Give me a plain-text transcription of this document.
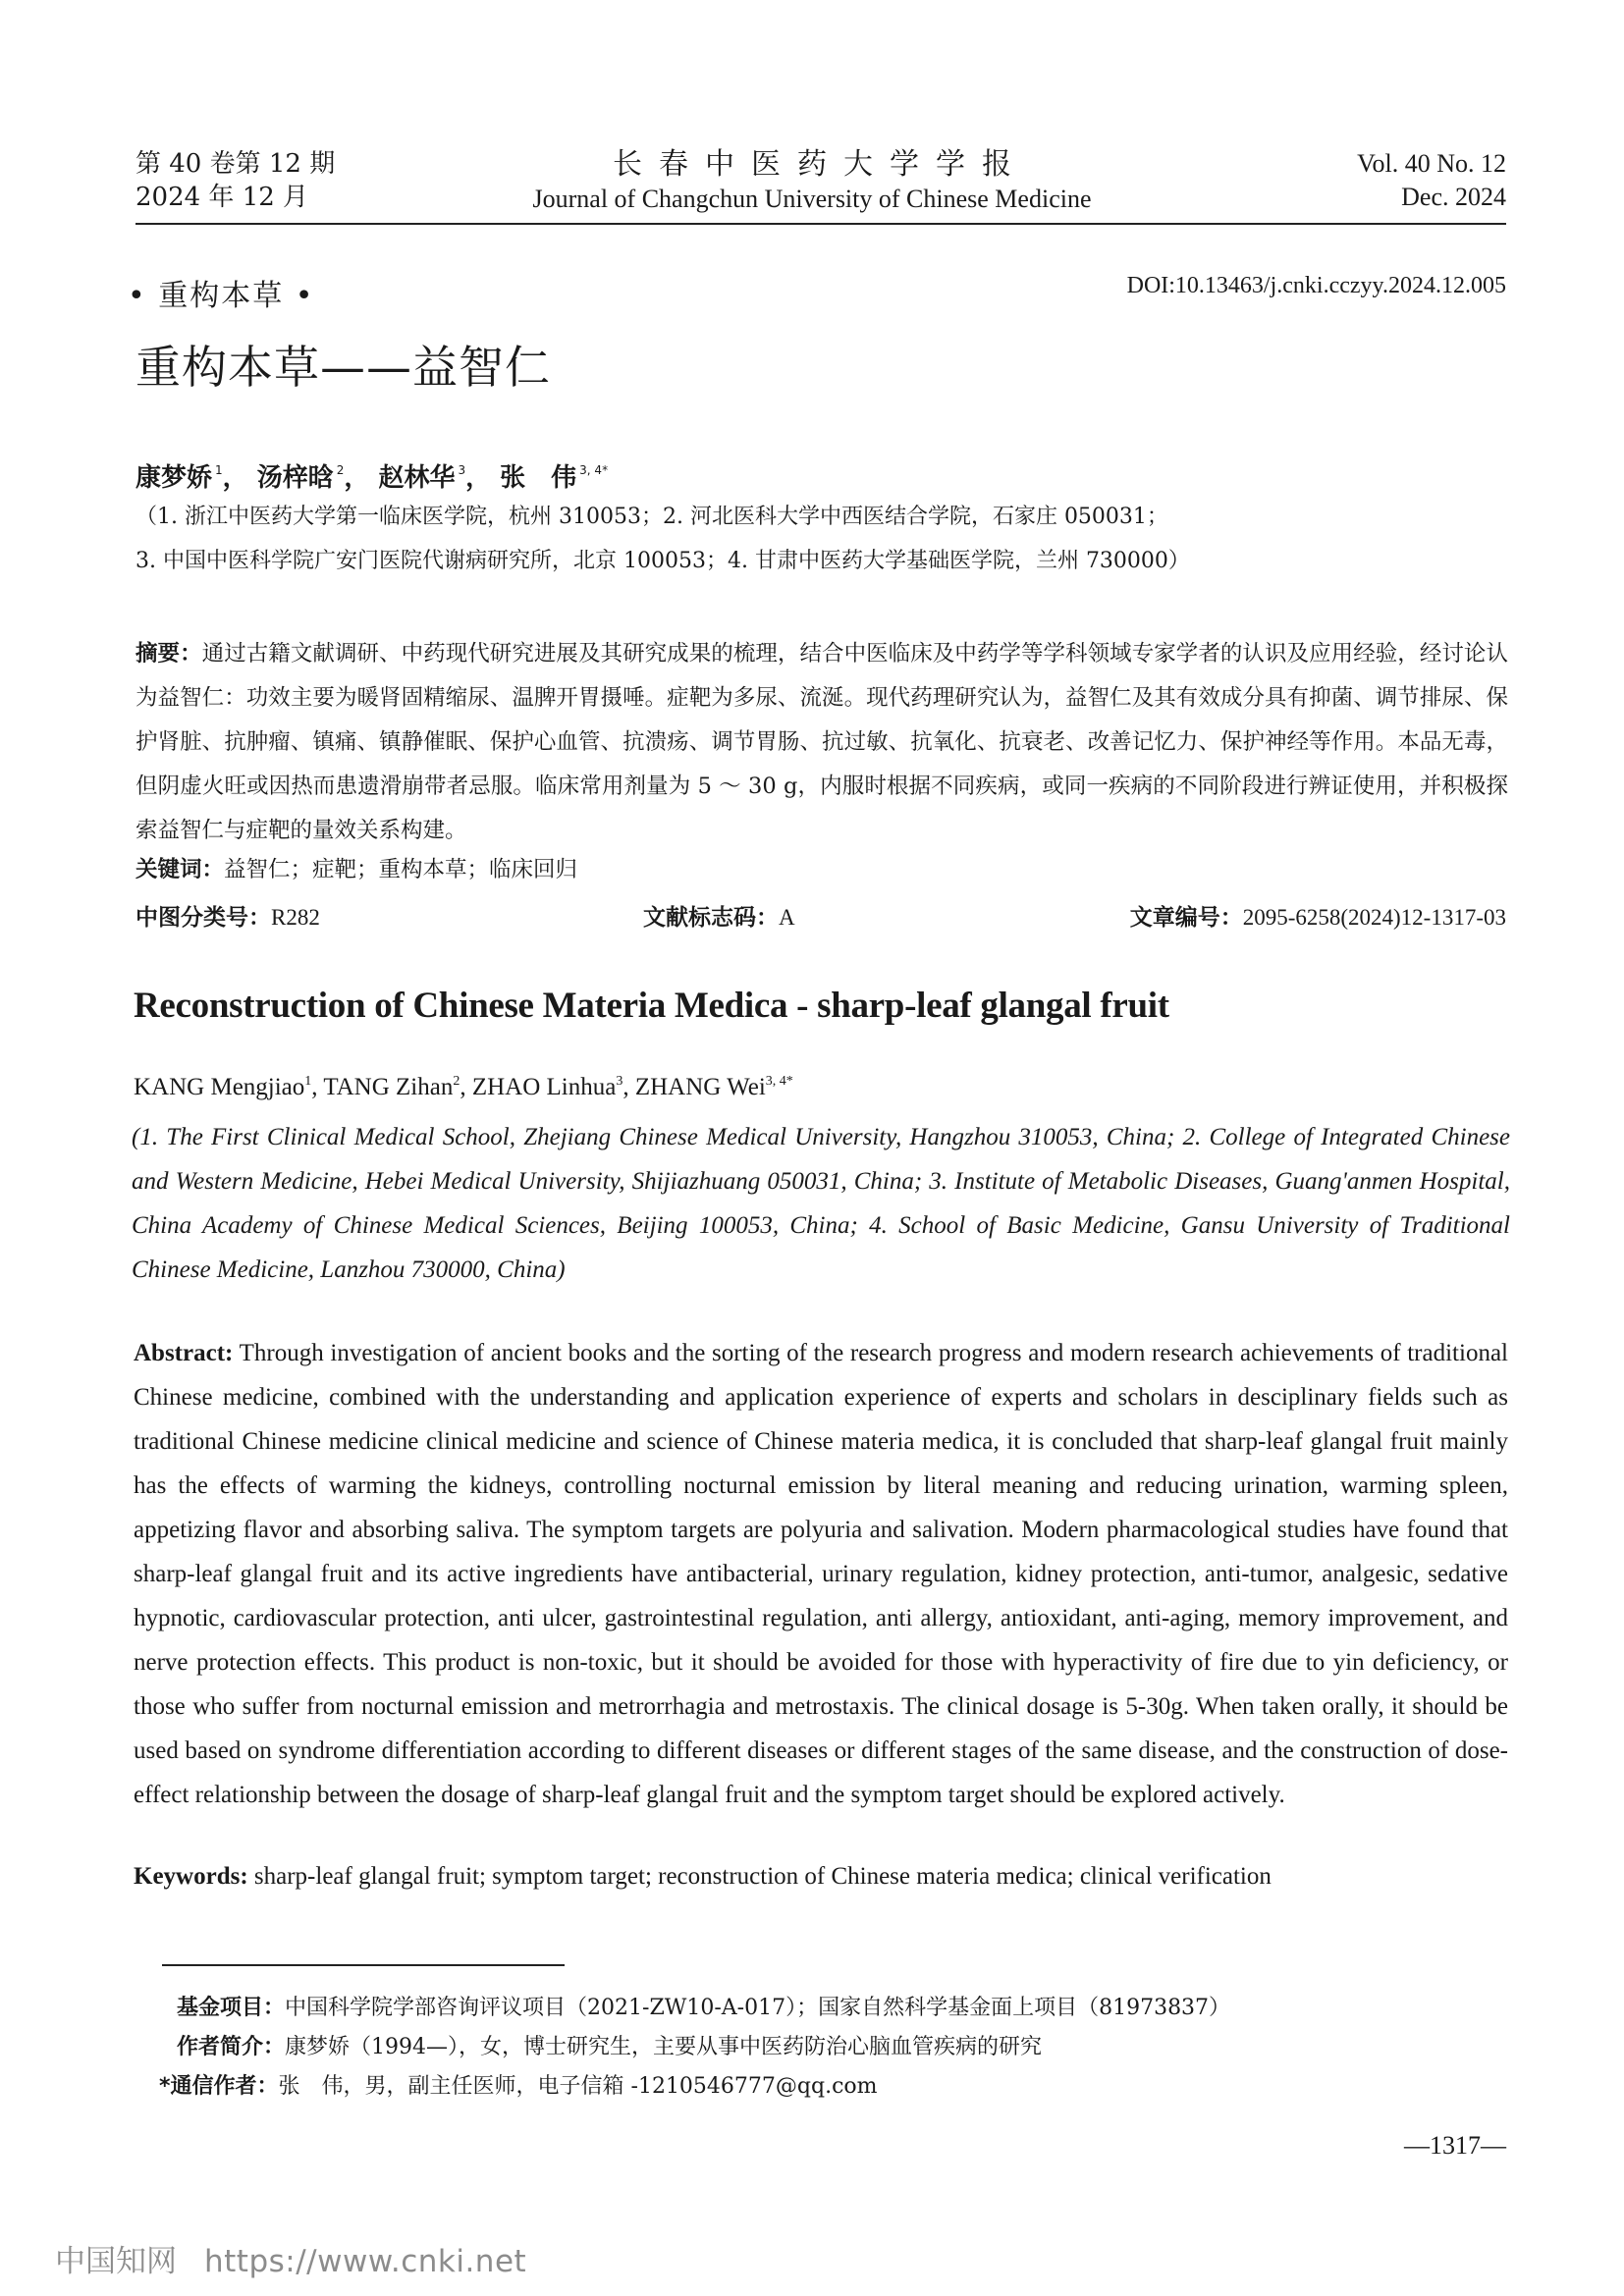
第 40 卷第 12 期
2024 年 12 月
长春中医药大学学报
Journal of Changchun University of Chinese Medicine
Vol. 40 No. 12
Dec. 2024
• 重构本草 •	DOI:10.13463/j.cnki.cczyy.2024.12.005
重构本草——益智仁
康梦娇 $^1$， 汤梓晗 $^2$， 赵林华 $^3$， 张　伟 $^{3, 4*}$
（1. 浙江中医药大学第一临床医学院，杭州 310053；2. 河北医科大学中西医结合学院，石家庄 050031；
3. 中国中医科学院广安门医院代谢病研究所，北京 100053；4. 甘肃中医药大学基础医学院，兰州 730000）
摘要：通过古籍文献调研、中药现代研究进展及其研究成果的梳理，结合中医临床及中药学等学科领域专家学者的认识及应用经验，经讨论认为益智仁：功效主要为暖肾固精缩尿、温脾开胃摄唾。症靶为多尿、流涎。现代药理研究认为，益智仁及其有效成分具有抑菌、调节排尿、保护肾脏、抗肿瘤、镇痛、镇静催眠、保护心血管、抗溃疡、调节胃肠、抗过敏、抗氧化、抗衰老、改善记忆力、保护神经等作用。本品无毒，但阴虚火旺或因热而患遗滑崩带者忌服。临床常用剂量为 5 ～ 30 g，内服时根据不同疾病，或同一疾病的不同阶段进行辨证使用，并积极探索益智仁与症靶的量效关系构建。
关键词：益智仁；症靶；重构本草；临床回归
中图分类号：R282	文献标志码：A	文章编号：2095-6258(2024)12-1317-03
Reconstruction of Chinese Materia Medica - sharp-leaf glangal fruit
KANG Mengjiao$^1$, TANG Zihan$^2$, ZHAO Linhua$^3$, ZHANG Wei$^{3, 4*}$
(1. The First Clinical Medical School, Zhejiang Chinese Medical University, Hangzhou 310053, China; 2. College of Integrated Chinese and Western Medicine, Hebei Medical University, Shijiazhuang 050031, China; 3. Institute of Metabolic Diseases, Guang'anmen Hospital, China Academy of Chinese Medical Sciences, Beijing 100053, China; 4. School of Basic Medicine, Gansu University of Traditional Chinese Medicine, Lanzhou 730000, China)
Abstract: Through investigation of ancient books and the sorting of the research progress and modern research achievements of traditional Chinese medicine, combined with the understanding and application experience of experts and scholars in desciplinary fields such as traditional Chinese medicine clinical medicine and science of Chinese materia medica, it is concluded that sharp-leaf glangal fruit mainly has the effects of warming the kidneys, controlling nocturnal emission by literal meaning and reducing urination, warming spleen, appetizing flavor and absorbing saliva. The symptom targets are polyuria and salivation. Modern pharmacological studies have found that sharp-leaf glangal fruit and its active ingredients have antibacterial, urinary regulation, kidney protection, anti-tumor, analgesic, sedative hypnotic, cardiovascular protection, anti ulcer, gastrointestinal regulation, anti allergy, antioxidant, anti-aging, memory improvement, and nerve protection effects. This product is non-toxic, but it should be avoided for those with hyperactivity of fire due to yin deficiency, or those who suffer from nocturnal emission and metrorrhagia and metrostaxis. The clinical dosage is 5-30g. When taken orally, it should be used based on syndrome differentiation according to different diseases or different stages of the same disease, and the construction of dose-effect relationship between the dosage of sharp-leaf glangal fruit and the symptom target should be explored actively.
Keywords: sharp-leaf glangal fruit; symptom target; reconstruction of Chinese materia medica; clinical verification
基金项目：中国科学院学部咨询评议项目（2021-ZW10-A-017）；国家自然科学基金面上项目（81973837）
作者简介：康梦娇（1994—），女，博士研究生，主要从事中医药防治心脑血管疾病的研究
*通信作者：张　伟，男，副主任医师，电子信箱 -1210546777@qq.com
—1317—
中国知网 https://www.cnki.net
